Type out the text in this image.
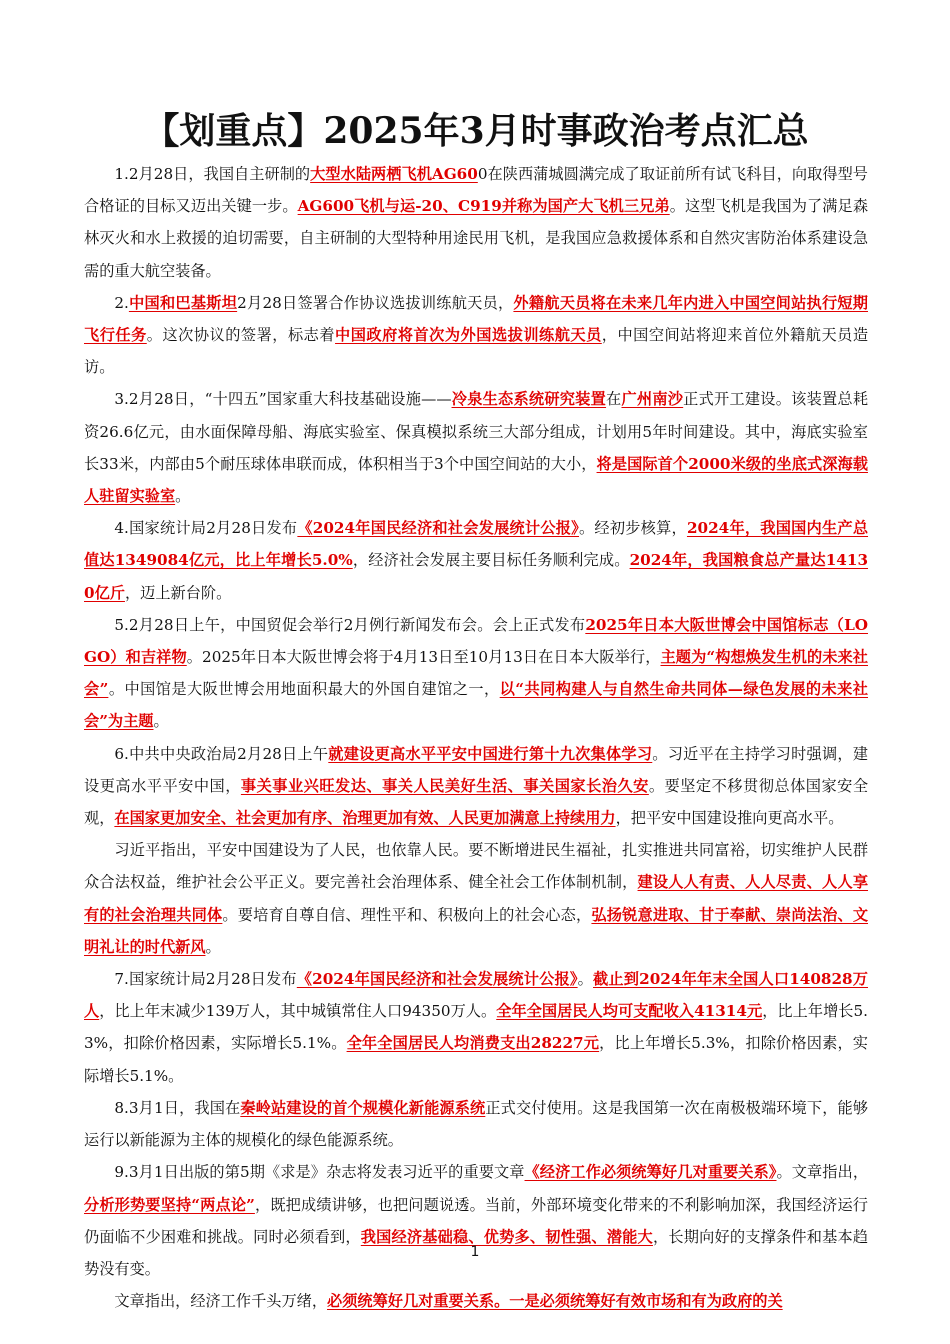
【划重点】2025年3月时事政治考点汇总

1.2月28日，我国自主研制的大型水陆两栖飞机AG600在陕西蒲城圆满完成了取证前所有试飞科目，向取得型号合格证的目标又迈出关键一步。AG600飞机与运-20、C919并称为国产大飞机三兄弟。这型飞机是我国为了满足森林灭火和水上救援的迫切需要，自主研制的大型特种用途民用飞机，是我国应急救援体系和自然灾害防治体系建设急需的重大航空装备。

2.中国和巴基斯坦2月28日签署合作协议选拔训练航天员，外籍航天员将在未来几年内进入中国空间站执行短期飞行任务。这次协议的签署，标志着中国政府将首次为外国选拔训练航天员，中国空间站将迎来首位外籍航天员造访。

3.2月28日，“十四五”国家重大科技基础设施——冷泉生态系统研究装置在广州南沙正式开工建设。该装置总耗资26.6亿元，由水面保障母船、海底实验室、保真模拟系统三大部分组成，计划用5年时间建设。其中，海底实验室长33米，内部由5个耐压球体串联而成，体积相当于3个中国空间站的大小，将是国际首个2000米级的坐底式深海载人驻留实验室。

4.国家统计局2月28日发布《2024年国民经济和社会发展统计公报》。经初步核算，2024年，我国国内生产总值达1349084亿元，比上年增长5.0%，经济社会发展主要目标任务顺利完成。2024年，我国粮食总产量达14130亿斤，迈上新台阶。

5.2月28日上午，中国贸促会举行2月例行新闻发布会。会上正式发布2025年日本大阪世博会中国馆标志（LOGO）和吉祥物。2025年日本大阪世博会将于4月13日至10月13日在日本大阪举行，主题为“构想焕发生机的未来社会”。中国馆是大阪世博会用地面积最大的外国自建馆之一，以“共同构建人与自然生命共同体—绿色发展的未来社会”为主题。

6.中共中央政治局2月28日上午就建设更高水平平安中国进行第十九次集体学习。习近平在主持学习时强调，建设更高水平平安中国，事关事业兴旺发达、事关人民美好生活、事关国家长治久安。要坚定不移贯彻总体国家安全观，在国家更加安全、社会更加有序、治理更加有效、人民更加满意上持续用力，把平安中国建设推向更高水平。

习近平指出，平安中国建设为了人民，也依靠人民。要不断增进民生福祉，扎实推进共同富裕，切实维护人民群众合法权益，维护社会公平正义。要完善社会治理体系、健全社会工作体制机制，建设人人有责、人人尽责、人人享有的社会治理共同体。要培育自尊自信、理性平和、积极向上的社会心态，弘扬锐意进取、甘于奉献、崇尚法治、文明礼让的时代新风。

7.国家统计局2月28日发布《2024年国民经济和社会发展统计公报》。截止到2024年年末全国人口140828万人，比上年末减少139万人，其中城镇常住人口94350万人。全年全国居民人均可支配收入41314元，比上年增长5.3%，扣除价格因素，实际增长5.1%。全年全国居民人均消费支出28227元，比上年增长5.3%，扣除价格因素，实际增长5.1%。

8.3月1日，我国在秦岭站建设的首个规模化新能源系统正式交付使用。这是我国第一次在南极极端环境下，能够运行以新能源为主体的规模化的绿色能源系统。

9.3月1日出版的第5期《求是》杂志将发表习近平的重要文章《经济工作必须统筹好几对重要关系》。文章指出，分析形势要坚持“两点论”，既把成绩讲够，也把问题说透。当前，外部环境变化带来的不利影响加深，我国经济运行仍面临不少困难和挑战。同时必须看到，我国经济基础稳、优势多、韧性强、潜能大，长期向好的支撑条件和基本趋势没有变。

文章指出，经济工作千头万绪，必须统筹好几对重要关系。一是必须统筹好有效市场和有为政府的关

1
